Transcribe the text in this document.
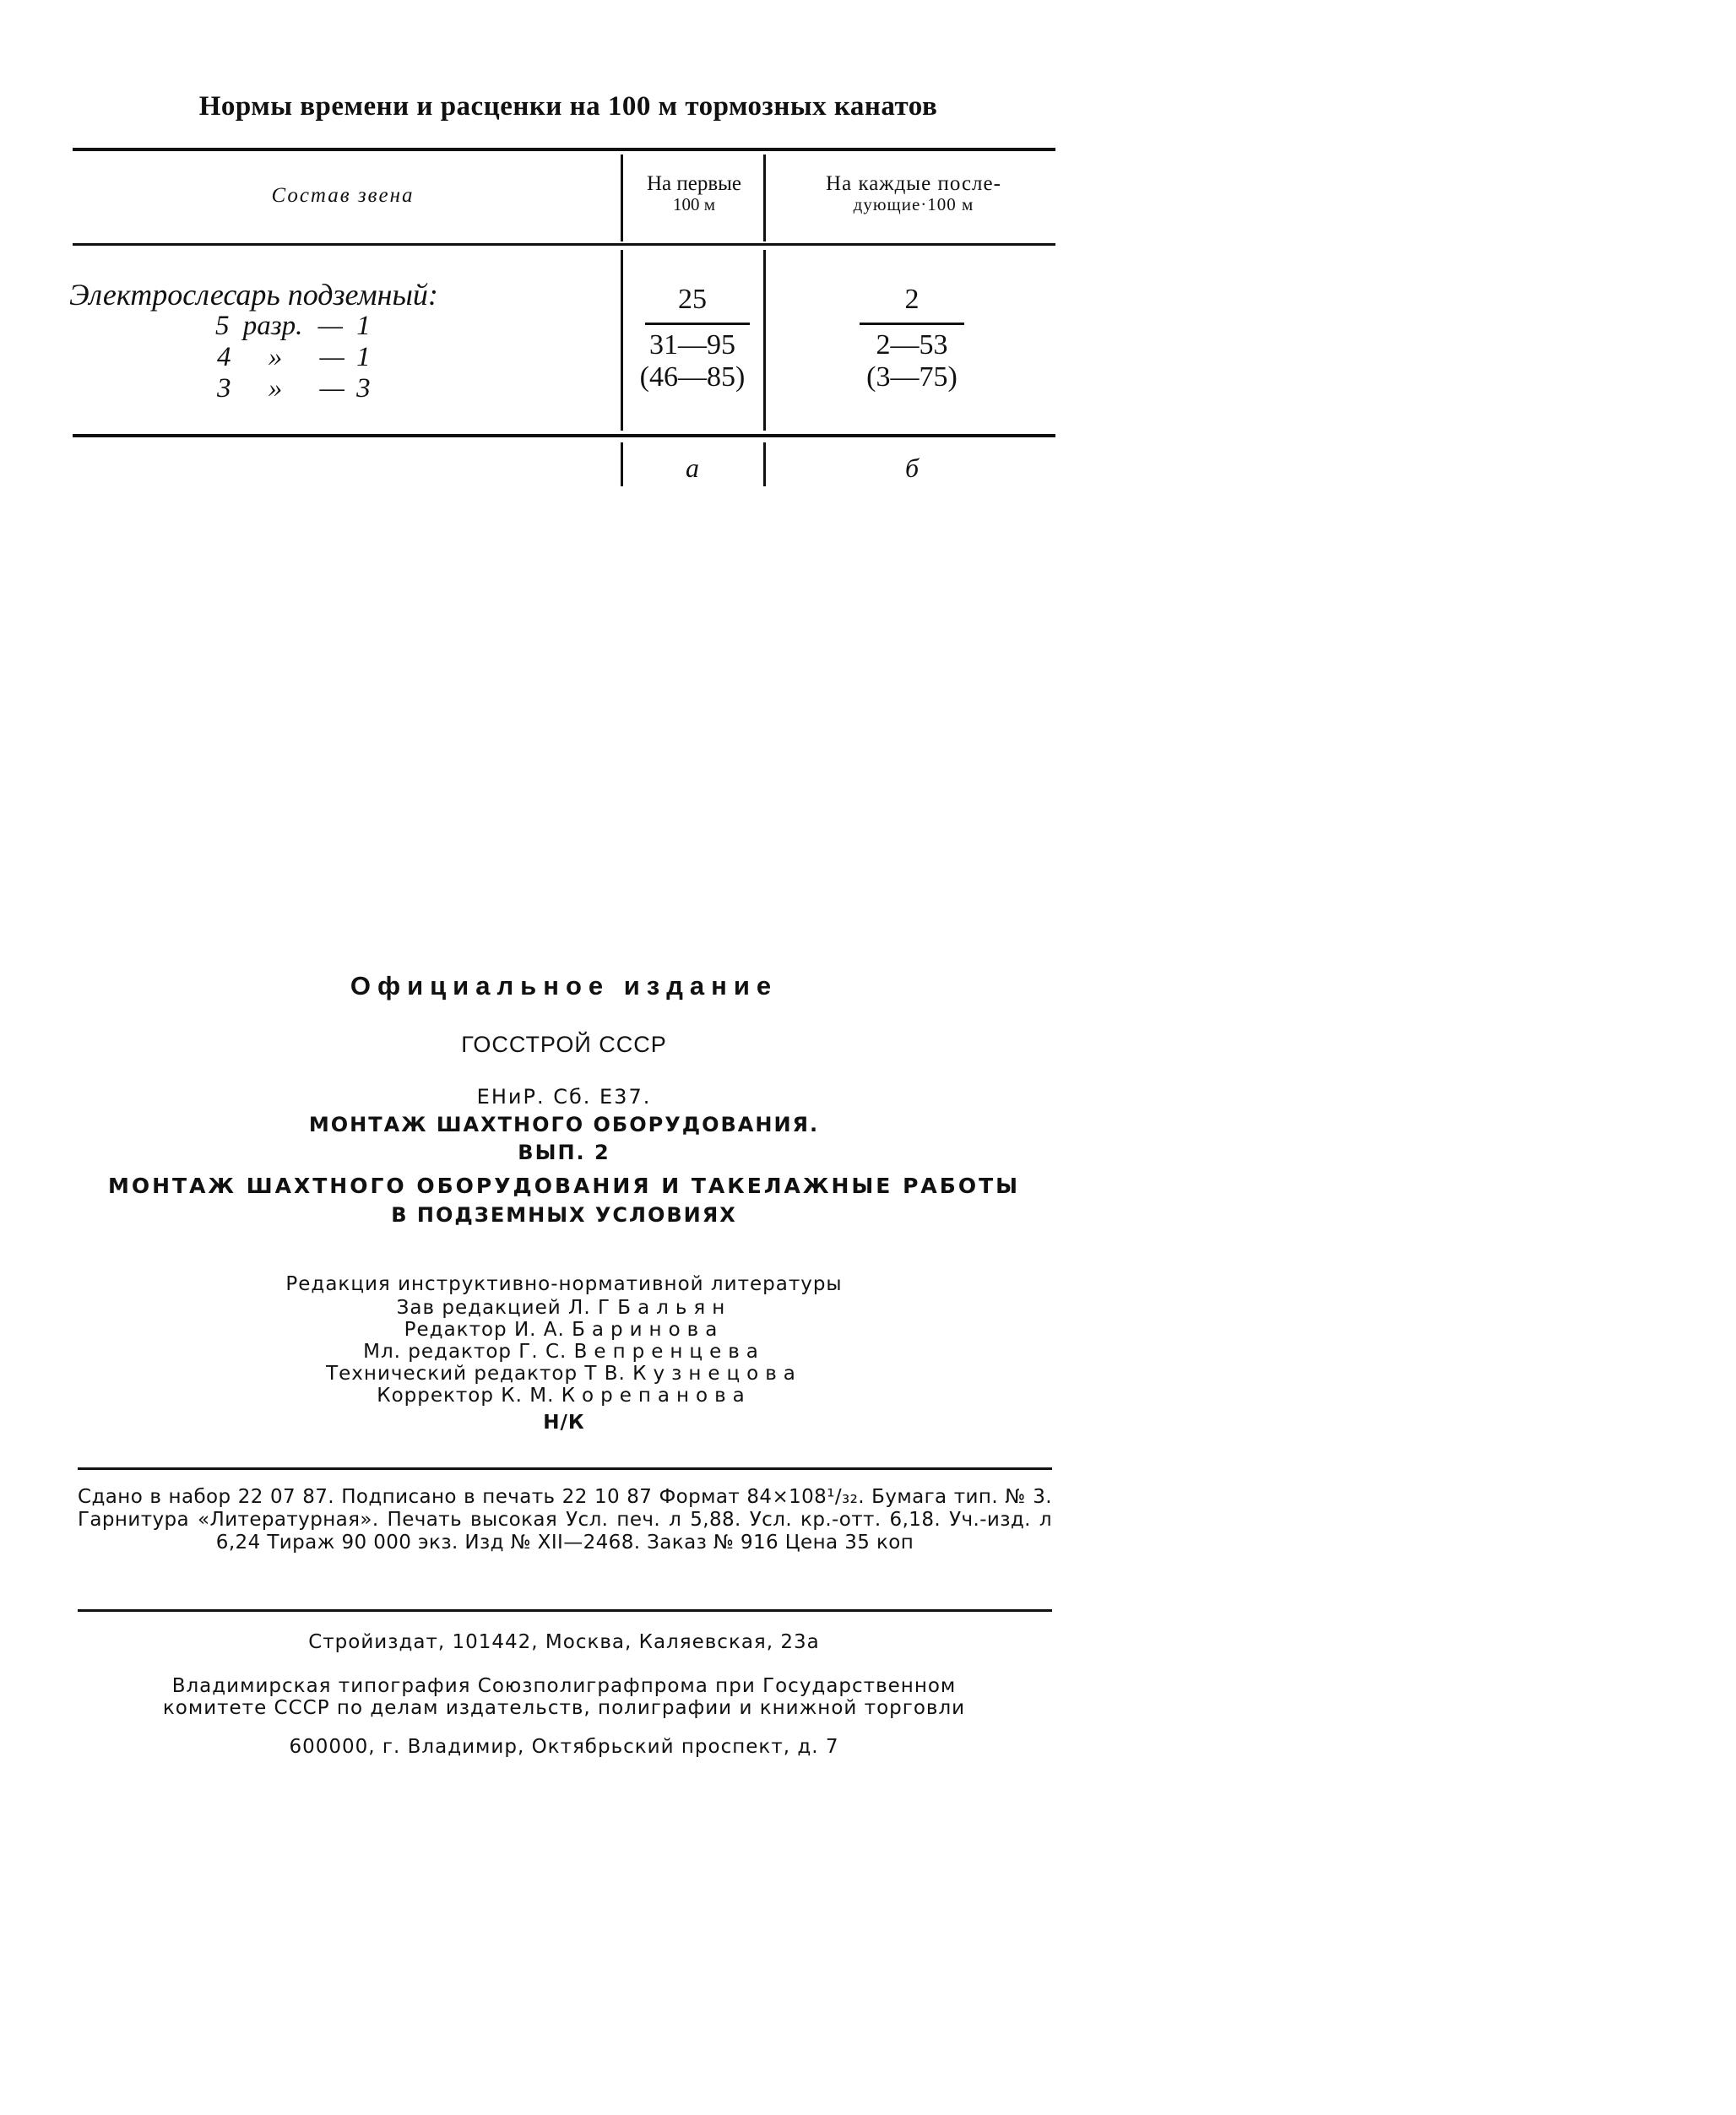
Нормы времени и расценки на 100 м тормозных канатов
Состав звена
На первые
100 м
На каждые после-
дующие·100 м
Электрослесарь подземный:
5 разр. — 1
4 » — 1
3 » — 3
25
31—95
(46—85)
2
2—53
(3—75)
а	б
Официальное издание
ГОССТРОЙ СССР
ЕНиР. Сб. Е37.
МОНТАЖ ШАХТНОГО ОБОРУДОВАНИЯ.
ВЫП. 2
МОНТАЖ ШАХТНОГО ОБОРУДОВАНИЯ И ТАКЕЛАЖНЫЕ РАБОТЫ
В ПОДЗЕМНЫХ УСЛОВИЯХ
Редакция инструктивно-нормативной литературы
Зав редакцией Л. Г Бальян
Редактор И. А. Баринова
Мл. редактор Г. С. Вепренцева
Технический редактор Т В. Кузнецова
Корректор К. М. Корепанова
Н/К
Сдано в набор 22 07 87. Подписано в печать 22 10 87 Формат 84×108¹/₃₂. Бумага тип. № 3. Гарнитура «Литературная». Печать высокая Усл. печ. л 5,88. Усл. кр.-отт. 6,18. Уч.-изд. л 6,24 Тираж 90 000 экз. Изд № XII—2468. Заказ № 916 Цена 35 коп
Стройиздат, 101442, Москва, Каляевская, 23а
Владимирская типография Союзполиграфпрома при Государственном
комитете СССР по делам издательств, полиграфии и книжной торговли
600000, г. Владимир, Октябрьский проспект, д. 7
